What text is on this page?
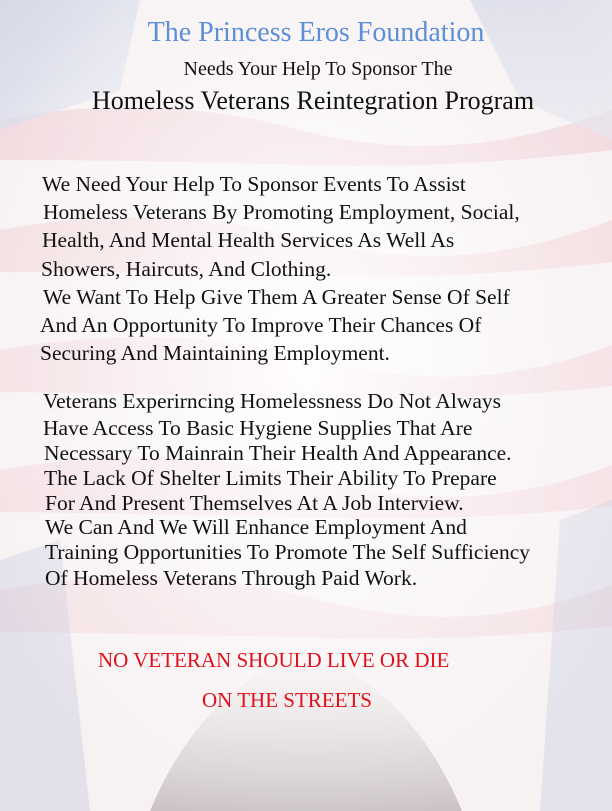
The Princess Eros Foundation
Needs Your Help To Sponsor The
Homeless Veterans Reintegration Program
We Need Your Help To Sponsor Events To Assist
Homeless Veterans By Promoting Employment, Social,
Health, And Mental Health Services As Well As
Showers, Haircuts, And Clothing.
We Want To Help Give Them A Greater Sense Of Self
And An Opportunity To Improve Their Chances Of
Securing And Maintaining Employment.
Veterans Experirncing Homelessness Do Not Always
Have Access To Basic Hygiene Supplies That Are
Necessary To Mainrain Their Health And Appearance.
The Lack Of Shelter Limits Their Ability To Prepare
For And Present Themselves At A Job Interview.
We Can And We Will Enhance Employment And
Training Opportunities To Promote The Self Sufficiency
Of Homeless Veterans Through Paid Work.
NO VETERAN SHOULD LIVE OR DIE
ON THE STREETS
